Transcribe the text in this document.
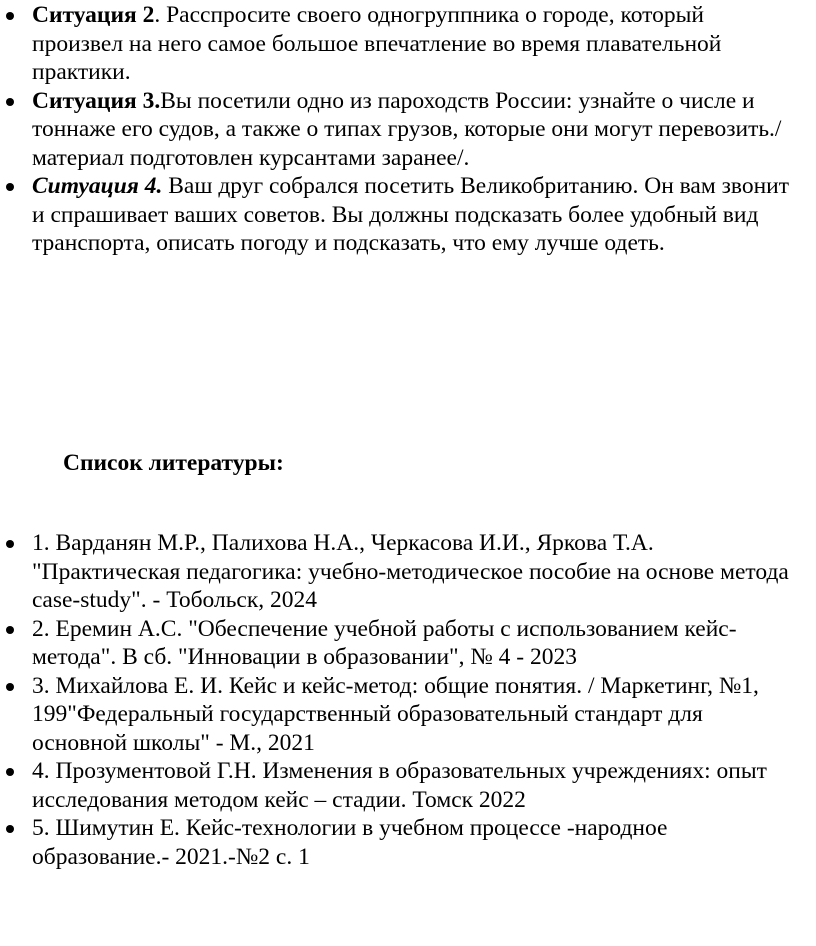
Ситуация 2. Расспросите своего одногруппника о городе, который произвел на него самое большое впечатление во время плавательной практики.
Ситуация 3.Вы посетили одно из пароходств России: узнайте о числе и тоннаже его судов, а также о типах грузов, которые они могут перевозить./материал подготовлен курсантами заранее/.
Ситуация 4. Ваш друг собрался посетить Великобританию. Он вам звонит и спрашивает ваших советов. Вы должны подсказать более удобный вид транспорта, описать погоду и подсказать, что ему лучше одеть.

Список литературы:

1. Варданян М.Р., Палихова Н.А., Черкасова И.И., Яркова Т.А. "Практическая педагогика: учебно-методическое пособие на основе метода case-study". - Тобольск, 2024
2. Еремин А.С. "Обеспечение учебной работы с использованием кейс-метода". В сб. "Инновации в образовании", № 4 - 2023
3. Михайлова Е. И. Кейс и кейс-метод: общие понятия. / Маркетинг, №1, 199"Федеральный государственный образовательный стандарт для основной школы" - М., 2021
4. Прозументовой Г.Н. Изменения в образовательных учреждениях: опыт исследования методом кейс – стадии. Томск 2022
5. Шимутин Е. Кейс-технологии в учебном процессе -народное образование.- 2021.-№2 с. 1
